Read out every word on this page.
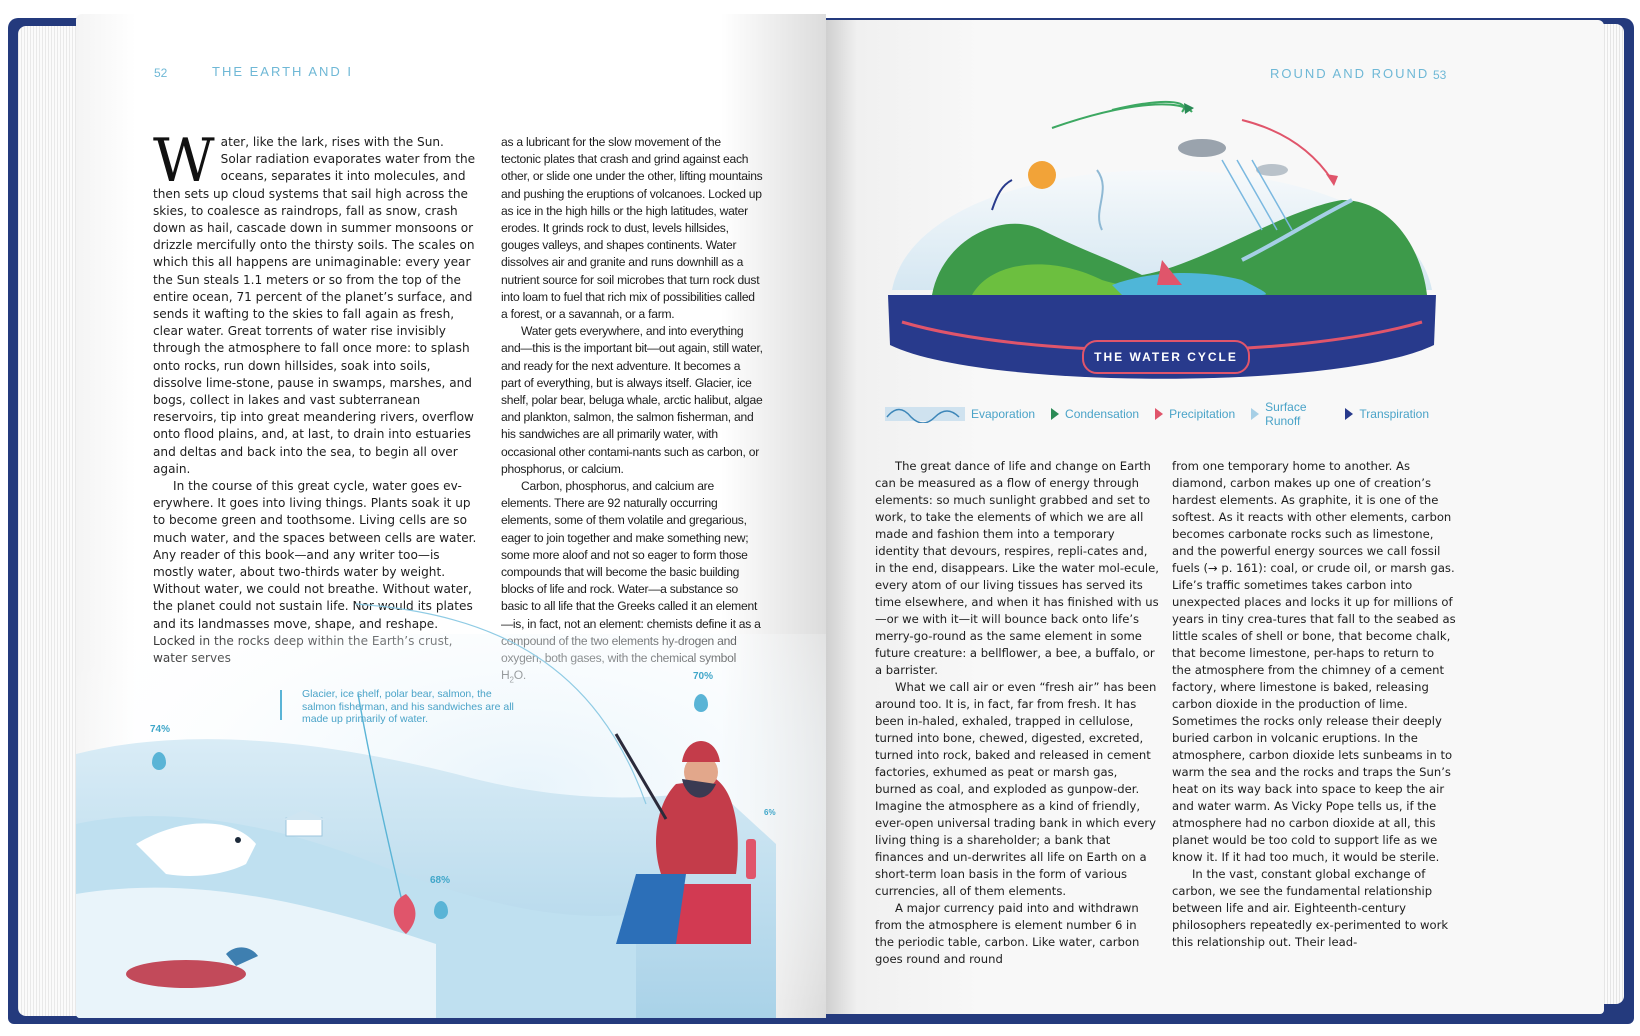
52	THE EARTH AND I

Water, like the lark, rises with the Sun. Solar radiation evaporates water from the oceans, separates it into molecules, and then sets up cloud systems that sail high across the skies, to coalesce as raindrops, fall as snow, crash down as hail, cascade down in summer monsoons or drizzle mercifully onto the thirsty soils. The scales on which this all happens are unimaginable: every year the Sun steals 1.1 meters or so from the top of the entire ocean, 71 percent of the planet’s surface, and sends it wafting to the skies to fall again as fresh, clear water. Great torrents of water rise invisibly through the atmosphere to fall once more: to splash onto rocks, run down hillsides, soak into soils, dissolve lime-stone, pause in swamps, marshes, and bogs, collect in lakes and vast subterranean reservoirs, tip into great meandering rivers, overflow onto flood plains, and, at last, to drain into estuaries and deltas and back into the sea, to begin all over again.

In the course of this great cycle, water goes ev-erywhere. It goes into living things. Plants soak it up to become green and toothsome. Living cells are so much water, and the spaces between cells are water. Any reader of this book—and any writer too—is mostly water, about two-thirds water by weight. Without water, we could not breathe. Without water, the planet could not sustain life. Nor would its plates and its landmasses move, shape, and reshape.

as a lubricant for the slow movement of the tectonic plates that crash and grind against each other, or slide one under the other, lifting mountains and pushing the eruptions of volcanoes. Locked up as ice in the high hills or the high latitudes, water erodes. It grinds rock to dust, levels hillsides, gouges valleys, and shapes continents. Water dissolves air and granite and runs downhill as a nutrient source for soil microbes that turn rock dust into loam to fuel that rich mix of possibilities called a forest, or a savannah, or a farm.

Water gets everywhere, and into everything and—this is the important bit—out again, still water, and ready for the next adventure. It becomes a part of everything, but is always itself. Glacier, ice shelf, polar bear, beluga whale, arctic halibut, algae and plankton, salmon, the salmon fisherman, and his sandwiches are all primarily water, with occasional other contami-nants such as carbon, or phosphorus, or calcium.

Carbon, phosphorus, and calcium are elements. There are 92 naturally occurring elements, some of them volatile and gregarious, eager to join together and make something new; some more aloof and not so eager to form those compounds that will become the basic building blocks of life and rock. Water—a substance so basic to all life that the Greeks called it an element—is, in fact, not an element: chemists define it as a

Glacier, ice shelf, polar bear, salmon, the salmon fisherman, and his sandwiches are all made up primarily of water.
74%
68%
70%
6%
ROUND AND ROUND 53
THE WATER CYCLE
Evaporation	Condensation	Precipitation	Surface Runoff	Transpiration

The great dance of life and change on Earth can be measured as a flow of energy through elements: so much sunlight grabbed and set to work, to take the elements of which we are all made and fashion them into a temporary identity that devours, respires, repli-cates and, in the end, disappears. Like the water mol-ecule, every atom of our living tissues has served its time elsewhere, and when it has finished with us—or we with it—it will bounce back onto life’s merry-go-round as the same element in some future creature: a bellflower, a bee, a buffalo, or a barrister.

What we call air or even “fresh air” has been around too. It is, in fact, far from fresh. It has been in-haled, exhaled, trapped in cellulose, turned into bone, chewed, digested, excreted, turned into rock, baked and released in cement factories, exhumed as peat or marsh gas, burned as coal, and exploded as gunpow-der. Imagine the atmosphere as a kind of friendly, ever-open universal trading bank in which every living thing is a shareholder; a bank that finances and un-derwrites all life on Earth on a short-term loan basis in the form of various currencies, all of them elements.

A major currency paid into and withdrawn from the atmosphere is element number 6 in the periodic table, carbon. Like water, carbon goes round and round

from one temporary home to another. As diamond, carbon makes up one of creation’s hardest elements. As graphite, it is one of the softest. As it reacts with other elements, carbon becomes carbonate rocks such as limestone, and the powerful energy sources we call fossil fuels (→ p. 161): coal, or crude oil, or marsh gas. Life’s traffic sometimes takes carbon into unexpected places and locks it up for millions of years in tiny crea-tures that fall to the seabed as little scales of shell or bone, that become chalk, that become limestone, per-haps to return to the atmosphere from the chimney of a cement factory, where limestone is baked, releasing carbon dioxide in the production of lime. Sometimes the rocks only release their deeply buried carbon in volcanic eruptions. In the atmosphere, carbon dioxide lets sunbeams in to warm the sea and the rocks and traps the Sun’s heat on its way back into space to keep the air and water warm. As Vicky Pope tells us, if the atmosphere had no carbon dioxide at all, this planet would be too cold to support life as we know it. If it had too much, it would be sterile.

In the vast, constant global exchange of carbon, we see the fundamental relationship between life and air. Eighteenth-century philosophers repeatedly ex-perimented to work this relationship out. Their lead-
